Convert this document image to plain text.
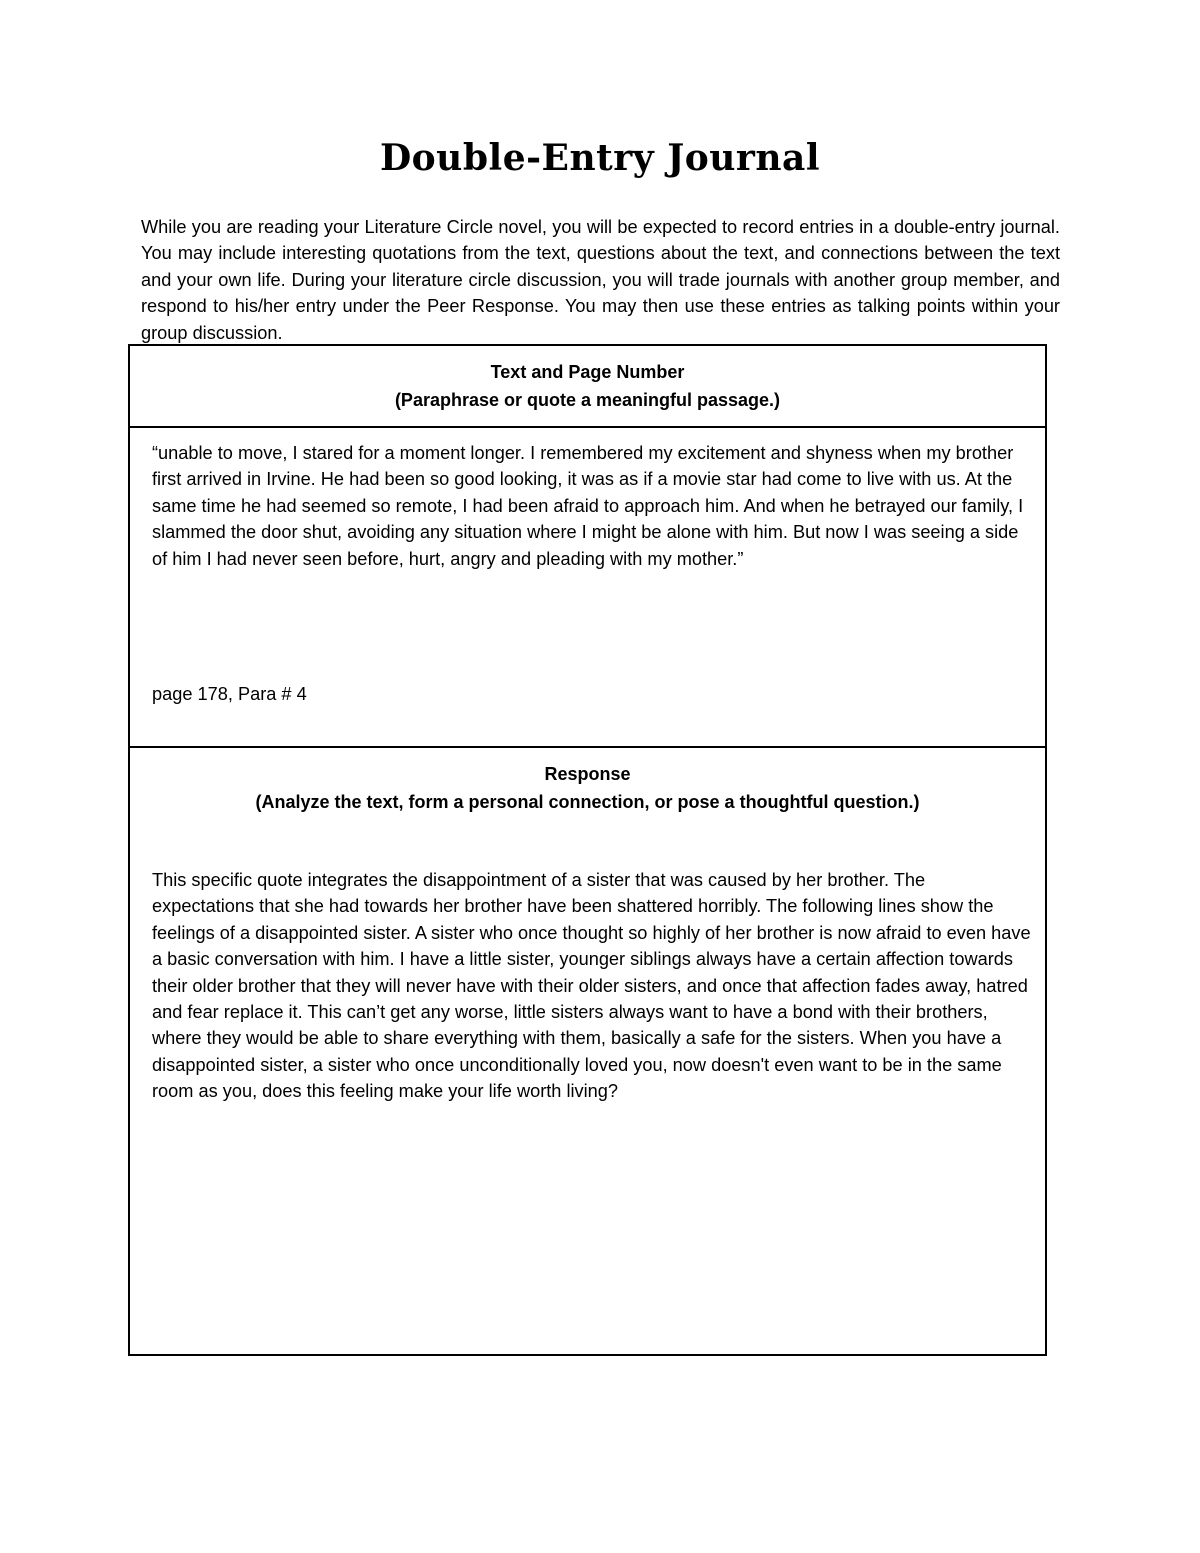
Double-Entry Journal

While you are reading your Literature Circle novel, you will be expected to record entries in a double-entry journal. You may include interesting quotations from the text, questions about the text, and connections between the text and your own life. During your literature circle discussion, you will trade journals with another group member, and respond to his/her entry under the Peer Response. You may then use these entries as talking points within your group discussion.

Text and Page Number
(Paraphrase or quote a meaningful passage.)

“unable to move, I stared for a moment longer. I remembered my excitement and shyness when my brother first arrived in Irvine. He had been so good looking, it was as if a movie star had come to live with us. At the same time he had seemed so remote, I had been afraid to approach him. And when he betrayed our family, I slammed the door shut, avoiding any situation where I might be alone with him. But now I was seeing a side of him I had never seen before, hurt, angry and pleading with my mother.”

page 178, Para # 4

Response
(Analyze the text, form a personal connection, or pose a thoughtful question.)

This specific quote integrates the disappointment of a sister that was caused by her brother. The expectations that she had towards her brother have been shattered horribly. The following lines show the feelings of a disappointed sister. A sister who once thought so highly of her brother is now afraid to even have a basic conversation with him. I have a little sister, younger siblings always have a certain affection towards their older brother that they will never have with their older sisters, and once that affection fades away, hatred and fear replace it. This can’t get any worse, little sisters always want to have a bond with their brothers, where they would be able to share everything with them, basically a safe for the sisters. When you have a disappointed sister, a sister who once unconditionally loved you, now doesn't even want to be in the same room as you, does this feeling make your life worth living?
